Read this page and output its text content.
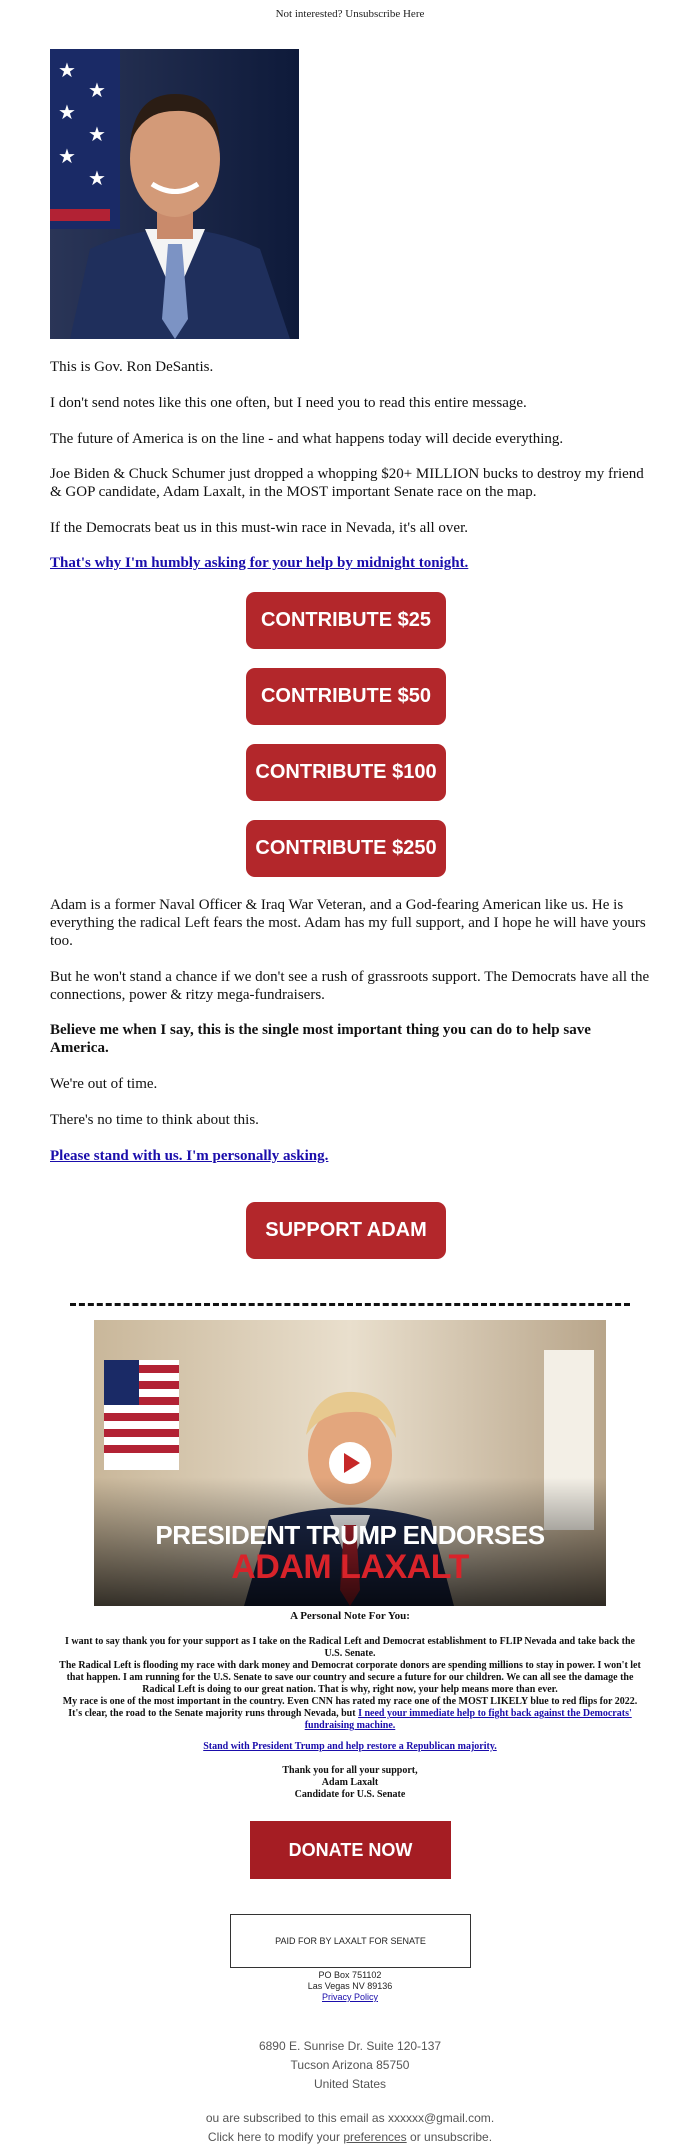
Not interested? Unsubscribe Here
★
★
★
★
★
★
This is Gov. Ron DeSantis.
I don't send notes like this one often, but I need you to read this entire message.
The future of America is on the line - and what happens today will decide everything.
Joe Biden & Chuck Schumer just dropped a whopping $20+ MILLION bucks to destroy my friend & GOP candidate, Adam Laxalt, in the MOST important Senate race on the map.
If the Democrats beat us in this must-win race in Nevada, it's all over.
That's why I'm humbly asking for your help by midnight tonight.
CONTRIBUTE $25
CONTRIBUTE $50
CONTRIBUTE $100
CONTRIBUTE $250
Adam is a former Naval Officer & Iraq War Veteran, and a God-fearing American like us. He is everything the radical Left fears the most. Adam has my full support, and I hope he will have yours too.
But he won't stand a chance if we don't see a rush of grassroots support. The Democrats have all the connections, power & ritzy mega-fundraisers.
Believe me when I say, this is the single most important thing you can do to help save America.
We're out of time.
There's no time to think about this.
Please stand with us. I'm personally asking.
SUPPORT ADAM
PRESIDENT TRUMP ENDORSES
ADAM LAXALT
A Personal Note For You:
I want to say thank you for your support as I take on the Radical Left and Democrat establishment to FLIP Nevada and take back the U.S. Senate.
The Radical Left is flooding my race with dark money and Democrat corporate donors are spending millions to stay in power. I won't let that happen. I am running for the U.S. Senate to save our country and secure a future for our children. We can all see the damage the Radical Left is doing to our great nation. That is why, right now, your help means more than ever.
My race is one of the most important in the country. Even CNN has rated my race one of the MOST LIKELY blue to red flips for 2022. It's clear, the road to the Senate majority runs through Nevada, but I need your immediate help to fight back against the Democrats' fundraising machine.
Stand with President Trump and help restore a Republican majority.
Thank you for all your support,
Adam Laxalt
Candidate for U.S. Senate
DONATE NOW
PAID FOR BY LAXALT FOR SENATE
PO Box 751102
Las Vegas NV 89136
Privacy Policy
6890 E. Sunrise Dr. Suite 120-137
Tucson Arizona 85750
United States
ou are subscribed to this email as xxxxxx@gmail.com.
Click here to modify your preferences or unsubscribe.
